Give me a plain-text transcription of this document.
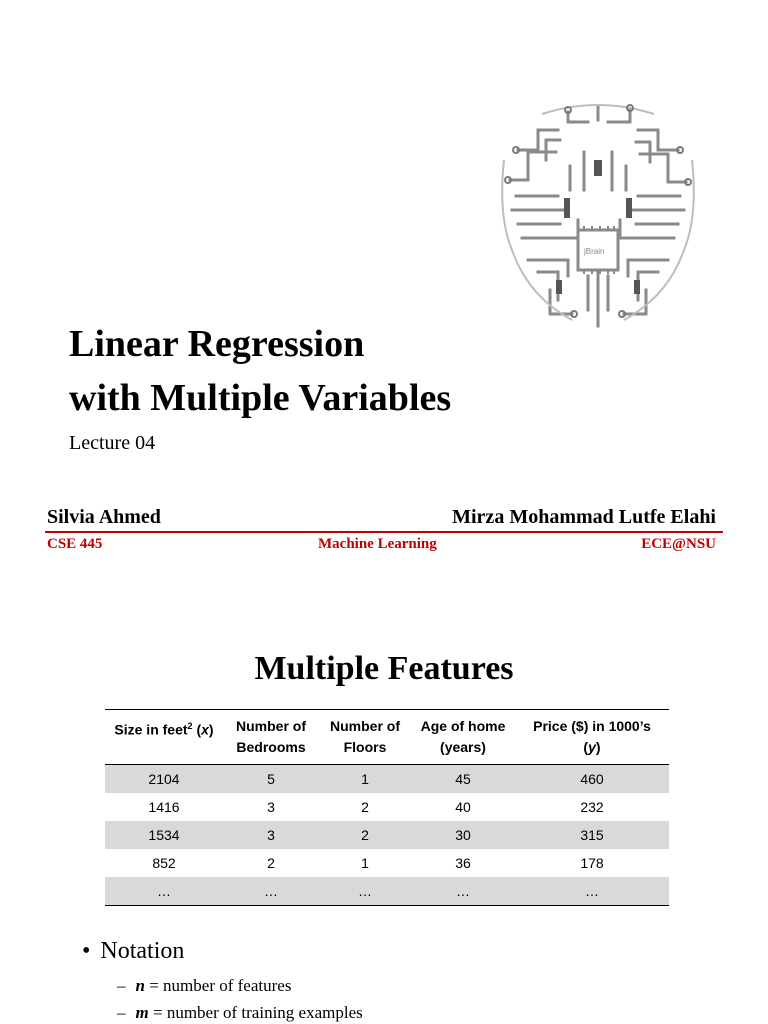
jBrain
Linear Regression
with Multiple Variables
Lecture 04
Silvia Ahmed	Mirza Mohammad Lutfe Elahi
CSE 445	Machine Learning	ECE@NSU
Multiple Features
Size in feet$^2$ (x)	Number of Bedrooms	Number of Floors	Age of home (years)	Price ($) in 1000’s
(y)
2104	5	1	45	460
1416	3	2	40	232
1534	3	2	30	315
852	2	1	36	178
…	…	…	…	…
• Notation
– n = number of features
– m = number of training examples
